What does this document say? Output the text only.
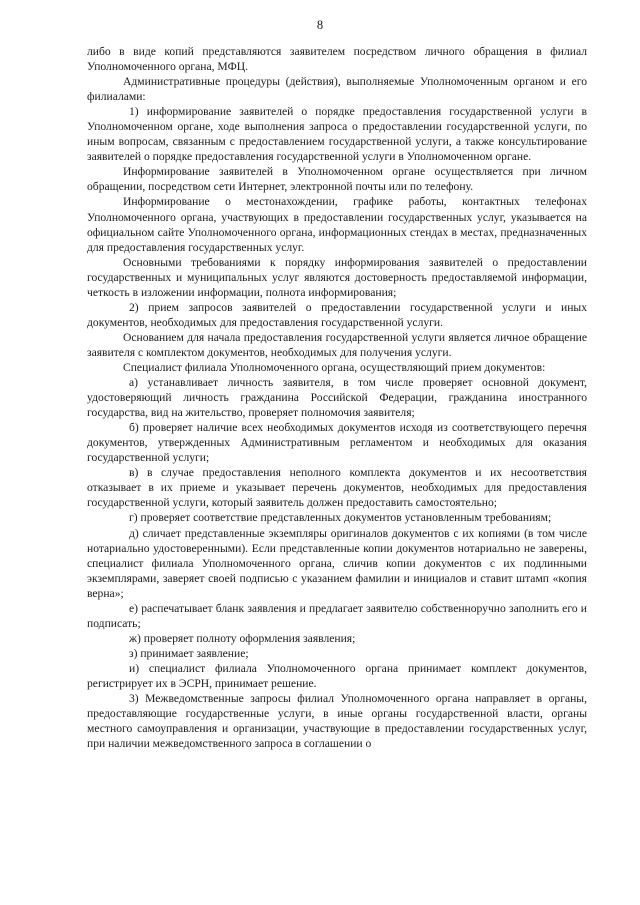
8

либо в виде копий представляются заявителем посредством личного обращения в филиал Уполномоченного органа, МФЦ.

Административные процедуры (действия), выполняемые Уполномоченным органом и его филиалами:

1) информирование заявителей о порядке предоставления государственной услуги в Уполномоченном органе, ходе выполнения запроса о предоставлении государственной услуги, по иным вопросам, связанным с предоставлением государственной услуги, а также консультирование заявителей о порядке предоставления государственной услуги в Уполномоченном органе.

Информирование заявителей в Уполномоченном органе осуществляется при личном обращении, посредством сети Интернет, электронной почты или по телефону.

Информирование о местонахождении, графике работы, контактных телефонах Уполномоченного органа, участвующих в предоставлении государственных услуг, указывается на официальном сайте Уполномоченного органа, информационных стендах в местах, предназначенных для предоставления государственных услуг.

Основными требованиями к порядку информирования заявителей о предоставлении государственных и муниципальных услуг являются достоверность предоставляемой информации, четкость в изложении информации, полнота информирования;

2) прием запросов заявителей о предоставлении государственной услуги и иных документов, необходимых для предоставления государственной услуги.

Основанием для начала предоставления государственной услуги является личное обращение заявителя с комплектом документов, необходимых для получения услуги.

Специалист филиала Уполномоченного органа, осуществляющий прием документов:

а) устанавливает личность заявителя, в том числе проверяет основной документ, удостоверяющий личность гражданина Российской Федерации, гражданина иностранного государства, вид на жительство, проверяет полномочия заявителя;

б) проверяет наличие всех необходимых документов исходя из соответствующего перечня документов, утвержденных Административным регламентом и необходимых для оказания государственной услуги;

в) в случае предоставления неполного комплекта документов и их несоответствия отказывает в их приеме и указывает перечень документов, необходимых для предоставления государственной услуги, который заявитель должен предоставить самостоятельно;

г) проверяет соответствие представленных документов установленным требованиям;

д) сличает представленные экземпляры оригиналов документов с их копиями (в том числе нотариально удостоверенными). Если представленные копии документов нотариально не заверены, специалист филиала Уполномоченного органа, сличив копии документов с их подлинными экземплярами, заверяет своей подписью с указанием фамилии и инициалов и ставит штамп «копия верна»;

е) распечатывает бланк заявления и предлагает заявителю собственноручно заполнить его и подписать;

ж) проверяет полноту оформления заявления;

з) принимает заявление;

и) специалист филиала Уполномоченного органа принимает комплект документов, регистрирует их в ЭСРН, принимает решение.

3) Межведомственные запросы филиал Уполномоченного органа направляет в органы, предоставляющие государственные услуги, в иные органы государственной власти, органы местного самоуправления и организации, участвующие в предоставлении государственных услуг, при наличии межведомственного запроса в соглашении о
